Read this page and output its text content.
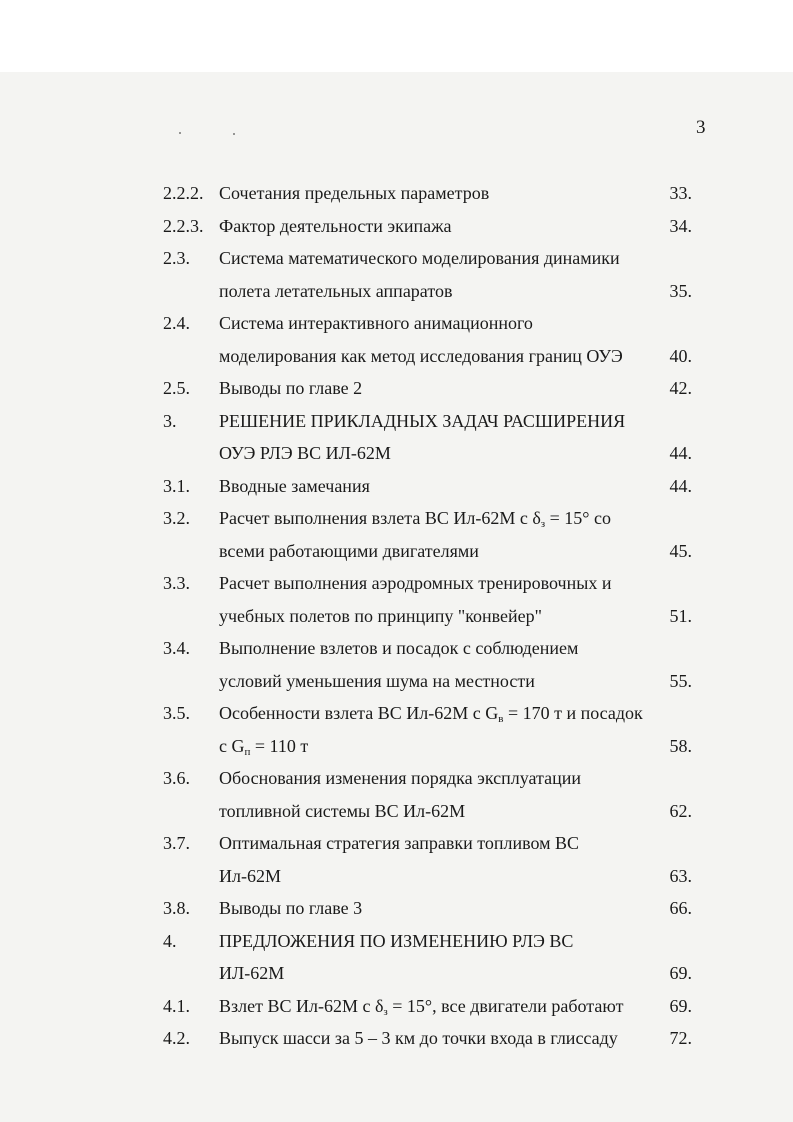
3
2.2.2. Сочетания предельных параметров	33.
2.2.3. Фактор деятельности экипажа	34.
2.3. Система математического моделирования динамики
полета летательных аппаратов	35.
2.4. Система интерактивного анимационного
моделирования как метод исследования границ ОУЭ	40.
2.5. Выводы по главе 2	42.
3. РЕШЕНИЕ ПРИКЛАДНЫХ ЗАДАЧ РАСШИРЕНИЯ
ОУЭ РЛЭ ВС ИЛ-62М	44.
3.1. Вводные замечания	44.
3.2. Расчет выполнения взлета ВС Ил-62М с $\delta_з = 15^\circ$ со
всеми работающими двигателями	45.
3.3. Расчет выполнения аэродромных тренировочных и
учебных полетов по принципу "конвейер"	51.
3.4. Выполнение взлетов и посадок с соблюдением
условий уменьшения шума на местности	55.
3.5. Особенности взлета ВС Ил-62М с $G_в = 170$ т и посадок
с $G_п = 110$ т	58.
3.6. Обоснования изменения порядка эксплуатации
топливной системы ВС Ил-62М	62.
3.7. Оптимальная стратегия заправки топливом ВС
Ил-62М	63.
3.8. Выводы по главе 3	66.
4. ПРЕДЛОЖЕНИЯ ПО ИЗМЕНЕНИЮ РЛЭ ВС
ИЛ-62М	69.
4.1. Взлет ВС Ил-62М с $\delta_з = 15^\circ$, все двигатели работают	69.
4.2. Выпуск шасси за 5 – 3 км до точки входа в глиссаду	72.
